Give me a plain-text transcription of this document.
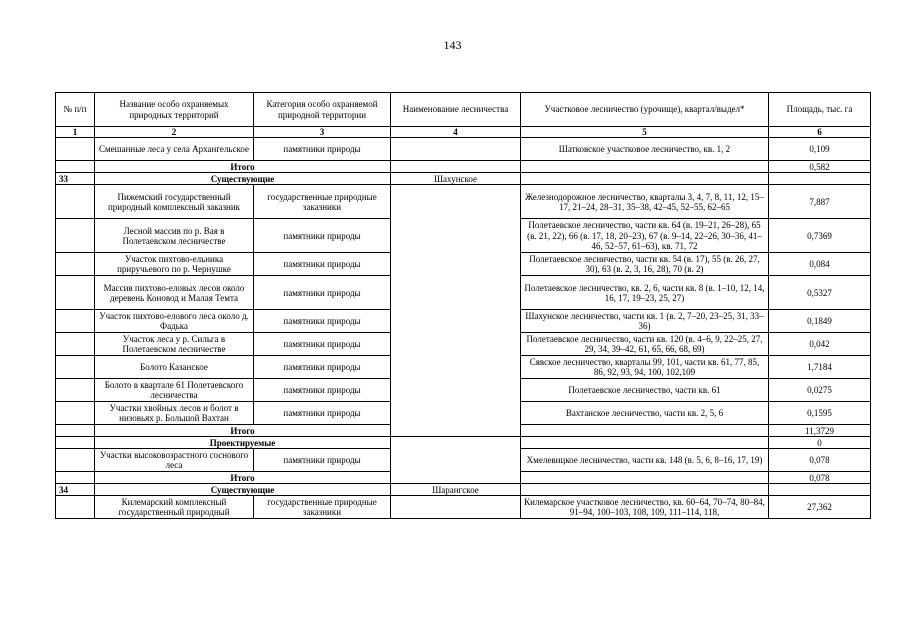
143
№ п/п	Название особо охраняемых природных территорий	Категория особо охраняемой природной территории	Наименование лесничества	Участковое лесничество (урочище), квартал/выдел*	Площадь, тыс. га
1	2	3	4	5	6
	Смешанные леса у села Архангельское	памятники природы		Шатковское участковое лесничество, кв. 1, 2	0,109
	Итого				0,582
33	Существующие		Шахунское		
	Пижемский государственный природный комплексный заказник	государственные природные заказники		Железнодорожное лесничество, кварталы 3, 4, 7, 8, 11, 12, 15–17, 21–24, 28–31, 35–38, 42–45, 52–55, 62–65	7,887
	Лесной массив по р. Вая в Полетаевском лесничестве	памятники природы		Полетаевское лесничество, части кв. 64 (в. 19–21, 26–28), 65 (в. 21, 22), 66 (в. 17, 18, 20–23), 67 (в. 9–14, 22–26, 30–36, 41–46, 52–57, 61–63), кв. 71, 72	0,7369
	Участок пихтово-ельника приручьевого по р. Чернушке	памятники природы		Полетаевское лесничество, части кв. 54 (в. 17), 55 (в. 26, 27, 30), 63 (в. 2, 3, 16, 28), 70 (в. 2)	0,084
	Массив пихтово-еловых лесов около деревень Коновод и Малая Темта	памятники природы		Полетаевское лесничество, кв. 2, 6, части кв. 8 (в. 1–10, 12, 14, 16, 17, 19–23, 25, 27)	0,5327
	Участок пихтово-елового леса около д. Фадька	памятники природы		Шахунское лесничество, части кв. 1 (в. 2, 7–20, 23–25, 31, 33–36)	0,1849
	Участок леса у р. Сильга в Полетаевском лесничестве	памятники природы		Полетаевское лесничество, части кв. 120 (в. 4–6, 9, 22–25, 27, 29, 34, 39–42, 61, 65, 66, 68, 69)	0,042
	Болото Казанское	памятники природы		Сявское лесничество, кварталы 99, 101, части кв. 61, 77, 85, 86, 92, 93, 94, 100, 102,109	1,7184
	Болото в квартале 61 Полетаевского лесничества	памятники природы		Полетаевское лесничество, части кв. 61	0,0275
	Участки хвойных лесов и болот в низовьях р. Большой Вахтан	памятники природы		Вахтанское лесничество, части кв. 2, 5, 6	0,1595
	Итого				11,3729
	Проектируемые				0
	Участки высоковозрастного соснового леса	памятники природы		Хмелевицкое лесничество, части кв. 148 (в. 5, 6, 8–16, 17, 19)	0,078
	Итого				0,078
34	Существующие		Шарангское		
	Килемарский комплексный государственный природный	государственные природные заказники		Килемарское участковое лесничество, кв. 60–64, 70–74, 80–84, 91–94, 100–103, 108, 109, 111–114, 118,	27,362
